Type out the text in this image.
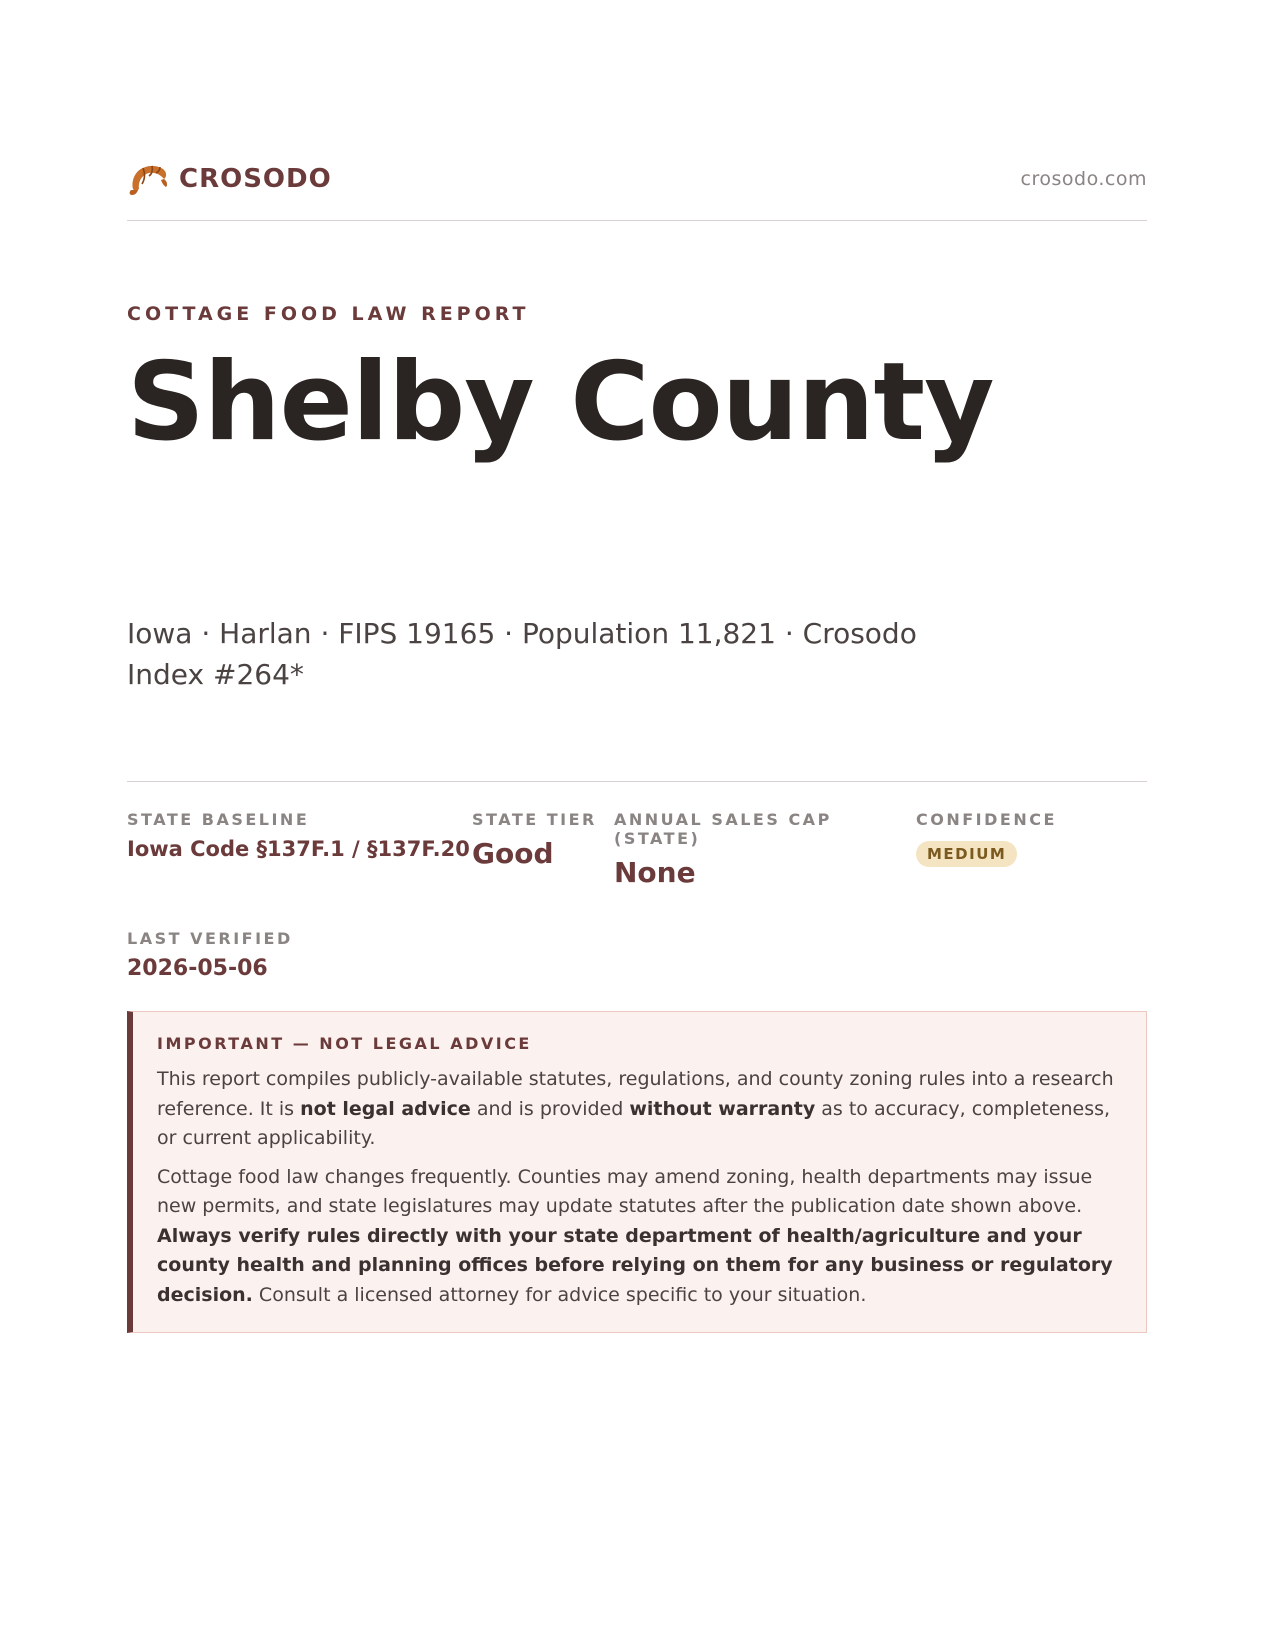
CROSODO	crosodo.com
COTTAGE FOOD LAW REPORT
Shelby County
Iowa · Harlan · FIPS 19165 · Population 11,821 · Crosodo Index #264*
STATE BASELINE
Iowa Code §137F.1 / §137F.20
STATE TIER
Good
ANNUAL SALES CAP (STATE)
None
CONFIDENCE
MEDIUM
LAST VERIFIED
2026-05-06
IMPORTANT — NOT LEGAL ADVICE

This report compiles publicly-available statutes, regulations, and county zoning rules into a research reference. It is not legal advice and is provided without warranty as to accuracy, completeness, or current applicability.

Cottage food law changes frequently. Counties may amend zoning, health departments may issue new permits, and state legislatures may update statutes after the publication date shown above. Always verify rules directly with your state department of health/agriculture and your county health and planning offices before relying on them for any business or regulatory decision. Consult a licensed attorney for advice specific to your situation.
